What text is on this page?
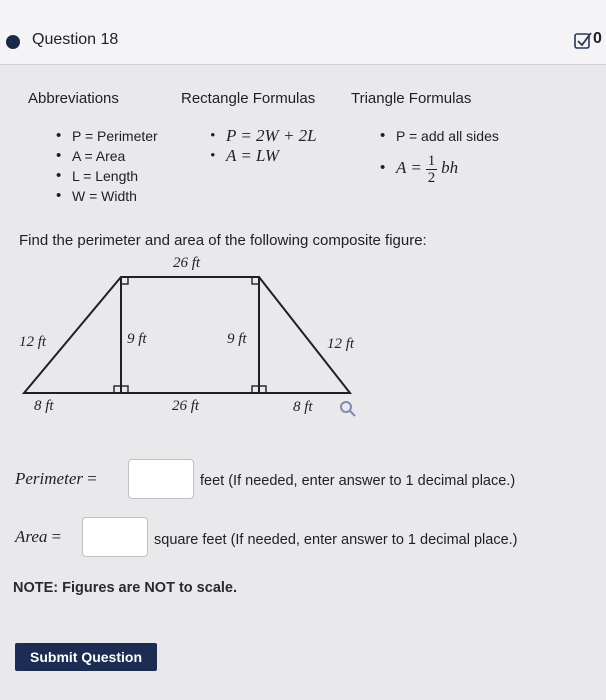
Question 18	0
Abbreviations
• P = Perimeter
• A = Area
• L = Length
• W = Width
Rectangle Formulas
• P = 2W + 2L
• A = LW
Triangle Formulas
• P = add all sides
• $A = \frac{1}{2}$ bh
Find the perimeter and area of the following composite figure:
26 ft
12 ft	9 ft	9 ft	12 ft
8 ft	26 ft	8 ft
Perimeter =	feet (If needed, enter answer to 1 decimal place.)
Area =	square feet (If needed, enter answer to 1 decimal place.)
NOTE: Figures are NOT to scale.
Submit Question
